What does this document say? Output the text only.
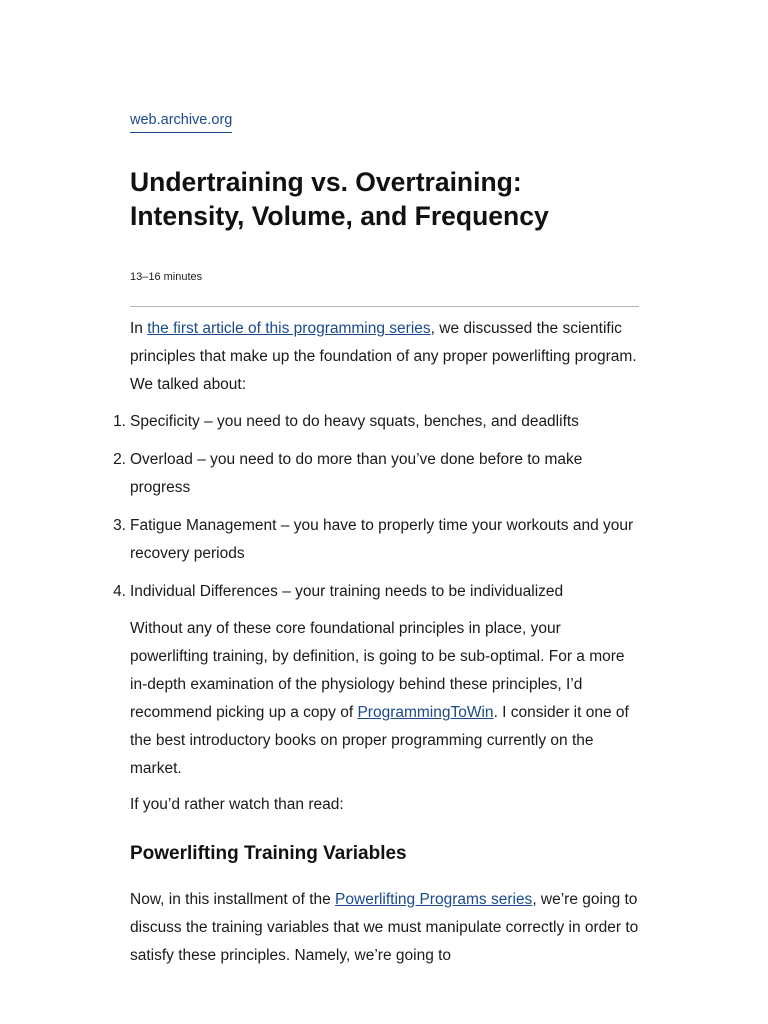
web.archive.org
Undertraining vs. Overtraining: Intensity, Volume, and Frequency
13–16 minutes

In the first article of this programming series, we discussed the scientific principles that make up the foundation of any proper powerlifting program. We talked about:

1. Specificity – you need to do heavy squats, benches, and deadlifts
2. Overload – you need to do more than you’ve done before to make progress
3. Fatigue Management – you have to properly time your workouts and your recovery periods
4. Individual Differences – your training needs to be individualized

Without any of these core foundational principles in place, your powerlifting training, by definition, is going to be sub-optimal. For a more in-depth examination of the physiology behind these principles, I’d recommend picking up a copy of ProgrammingToWin. I consider it one of the best introductory books on proper programming currently on the market.

If you’d rather watch than read:

Powerlifting Training Variables

Now, in this installment of the Powerlifting Programs series, we’re going to discuss the training variables that we must manipulate correctly in order to satisfy these principles. Namely, we’re going to
